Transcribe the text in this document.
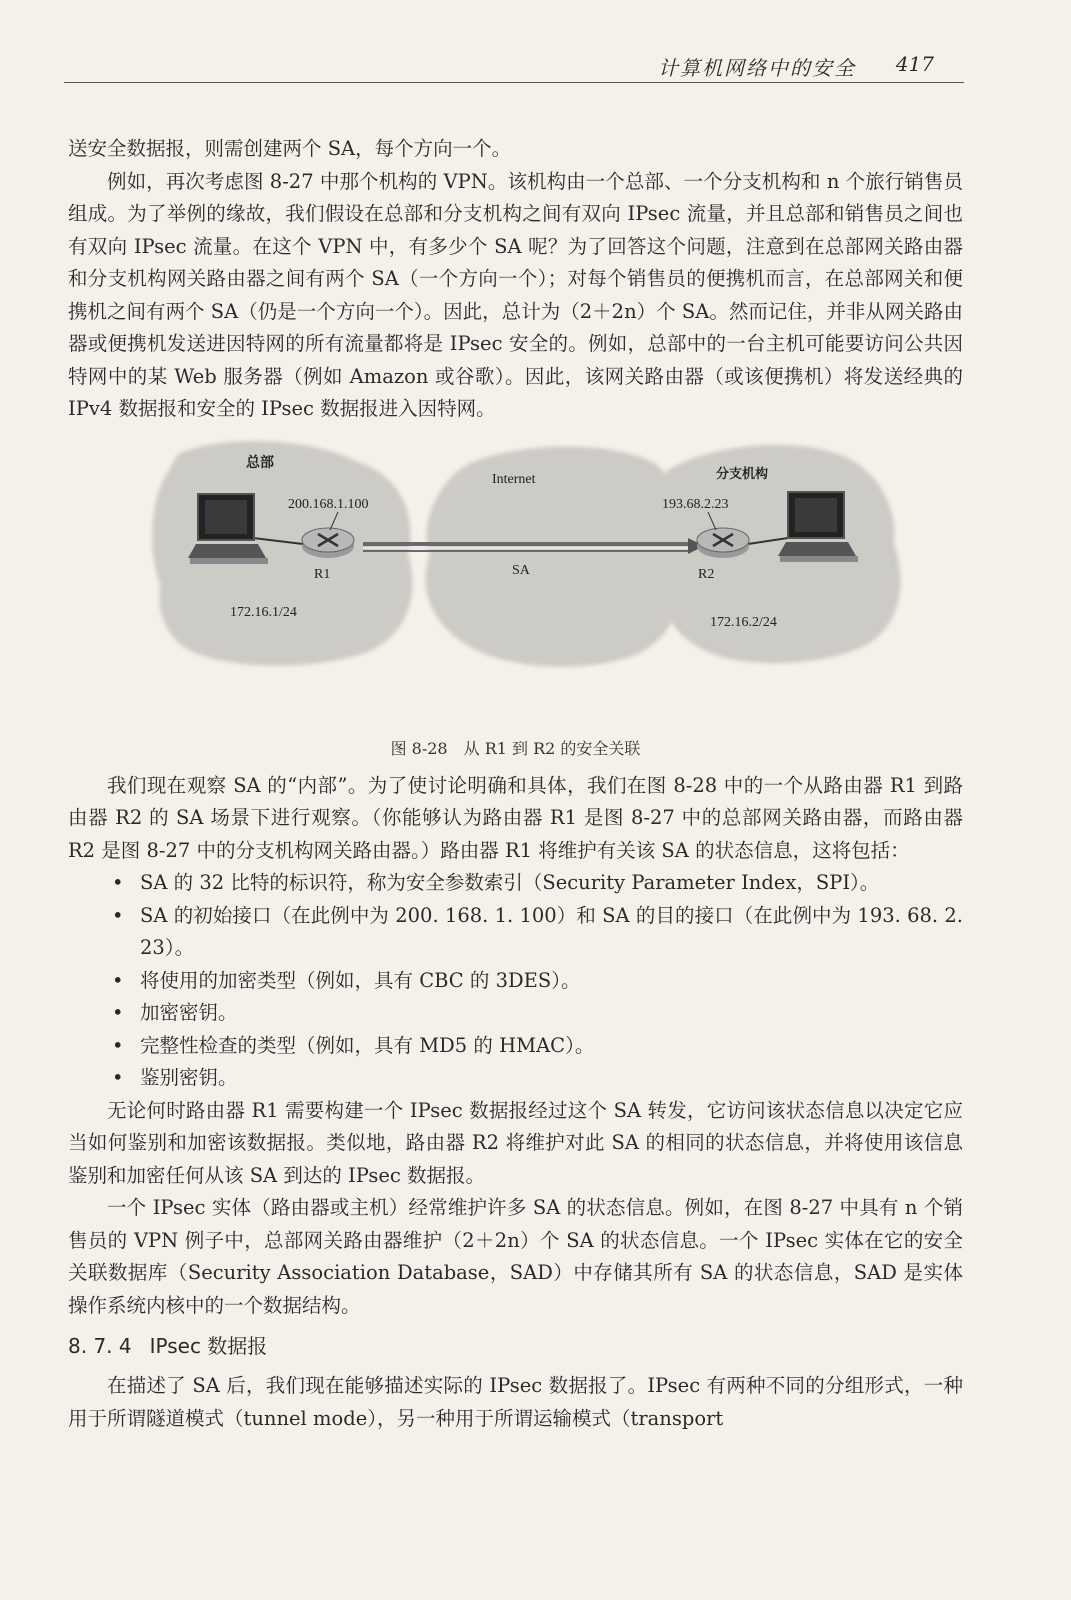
计算机网络中的安全 417

送安全数据报，则需创建两个 SA，每个方向一个。

例如，再次考虑图 8-27 中那个机构的 VPN。该机构由一个总部、一个分支机构和 n 个旅行销售员组成。为了举例的缘故，我们假设在总部和分支机构之间有双向 IPsec 流量，并且总部和销售员之间也有双向 IPsec 流量。在这个 VPN 中，有多少个 SA 呢？为了回答这个问题，注意到在总部网关路由器和分支机构网关路由器之间有两个 SA（一个方向一个）；对每个销售员的便携机而言，在总部网关和便携机之间有两个 SA（仍是一个方向一个）。因此，总计为（2＋2n）个 SA。然而记住，并非从网关路由器或便携机发送进因特网的所有流量都将是 IPsec 安全的。例如，总部中的一台主机可能要访问公共因特网中的某 Web 服务器（例如 Amazon 或谷歌）。因此，该网关路由器（或该便携机）将发送经典的 IPv4 数据报和安全的 IPsec 数据报进入因特网。

总部
Internet	分支机构
200.168.1.100	193.68.2.23
R1	R2
SA
172.16.1/24
172.16.2/24
图 8-28　从 R1 到 R2 的安全关联

我们现在观察 SA 的“内部”。为了使讨论明确和具体，我们在图 8-28 中的一个从路由器 R1 到路由器 R2 的 SA 场景下进行观察。（你能够认为路由器 R1 是图 8-27 中的总部网关路由器，而路由器 R2 是图 8-27 中的分支机构网关路由器。）路由器 R1 将维护有关该 SA 的状态信息，这将包括：

• SA 的 32 比特的标识符，称为安全参数索引（Security Parameter Index，SPI）。
• SA 的初始接口（在此例中为 200. 168. 1. 100）和 SA 的目的接口（在此例中为 193. 68. 2. 23）。
• 将使用的加密类型（例如，具有 CBC 的 3DES）。
• 加密密钥。
• 完整性检查的类型（例如，具有 MD5 的 HMAC）。
• 鉴别密钥。

无论何时路由器 R1 需要构建一个 IPsec 数据报经过这个 SA 转发，它访问该状态信息以决定它应当如何鉴别和加密该数据报。类似地，路由器 R2 将维护对此 SA 的相同的状态信息，并将使用该信息鉴别和加密任何从该 SA 到达的 IPsec 数据报。

一个 IPsec 实体（路由器或主机）经常维护许多 SA 的状态信息。例如，在图 8-27 中具有 n 个销售员的 VPN 例子中，总部网关路由器维护（2＋2n）个 SA 的状态信息。一个 IPsec 实体在它的安全关联数据库（Security Association Database，SAD）中存储其所有 SA 的状态信息，SAD 是实体操作系统内核中的一个数据结构。

8. 7. 4 IPsec 数据报

在描述了 SA 后，我们现在能够描述实际的 IPsec 数据报了。IPsec 有两种不同的分组形式，一种用于所谓隧道模式（tunnel mode），另一种用于所谓运输模式（transport
